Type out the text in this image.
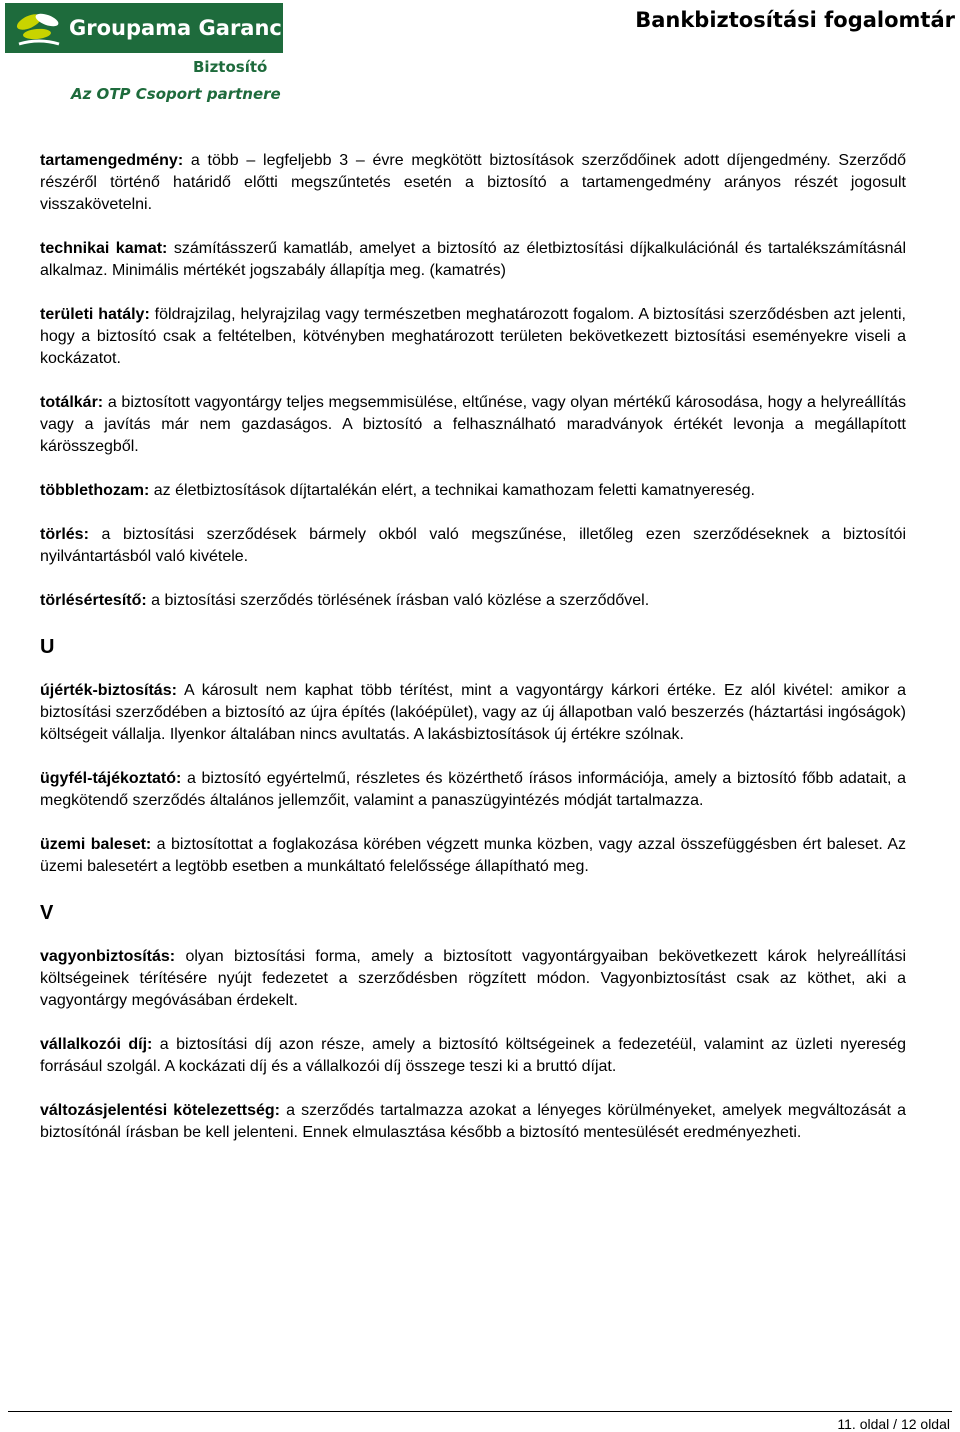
Groupama Garancia
Biztosító
Az OTP Csoport partnere
Bankbiztosítási fogalomtár

tartamengedmény: a több – legfeljebb 3 – évre megkötött biztosítások szerződőinek adott díjengedmény. Szerződő részéről történő határidő előtti megszűntetés esetén a biztosító a tartamengedmény arányos részét jogosult visszakövetelni.

technikai kamat: számításszerű kamatláb, amelyet a biztosító az életbiztosítási díjkalkulációnál és tartalékszámításnál alkalmaz. Minimális mértékét jogszabály állapítja meg. (kamatrés)

területi hatály: földrajzilag, helyrajzilag vagy természetben meghatározott fogalom. A biztosítási szerződésben azt jelenti, hogy a biztosító csak a feltételben, kötvényben meghatározott területen bekövetkezett biztosítási eseményekre viseli a kockázatot.

totálkár: a biztosított vagyontárgy teljes megsemmisülése, eltűnése, vagy olyan mértékű károsodása, hogy a helyreállítás vagy a javítás már nem gazdaságos. A biztosító a felhasználható maradványok értékét levonja a megállapított kárösszegből.

többlethozam: az életbiztosítások díjtartalékán elért, a technikai kamathozam feletti kamatnyereség.

törlés: a biztosítási szerződések bármely okból való megszűnése, illetőleg ezen szerződéseknek a biztosítói nyilvántartásból való kivétele.

törlésértesítő: a biztosítási szerződés törlésének írásban való közlése a szerződővel.

U

újérték-biztosítás: A károsult nem kaphat több térítést, mint a vagyontárgy kárkori értéke. Ez alól kivétel: amikor a biztosítási szerződében a biztosító az újra építés (lakóépület), vagy az új állapotban való beszerzés (háztartási ingóságok) költségeit vállalja. Ilyenkor általában nincs avultatás. A lakásbiztosítások új értékre szólnak.

ügyfél-tájékoztató: a biztosító egyértelmű, részletes és közérthető írásos információja, amely a biztosító főbb adatait, a megkötendő szerződés általános jellemzőit, valamint a panaszügyintézés módját tartalmazza.

üzemi baleset: a biztosítottat a foglakozása körében végzett munka közben, vagy azzal összefüggésben ért baleset. Az üzemi balesetért a legtöbb esetben a munkáltató felelőssége állapítható meg.

V

vagyonbiztosítás: olyan biztosítási forma, amely a biztosított vagyontárgyaiban bekövetkezett károk helyreállítási költségeinek térítésére nyújt fedezetet a szerződésben rögzített módon. Vagyonbiztosítást csak az köthet, aki a vagyontárgy megóvásában érdekelt.

vállalkozói díj: a biztosítási díj azon része, amely a biztosító költségeinek a fedezetéül, valamint az üzleti nyereség forrásául szolgál. A kockázati díj és a vállalkozói díj összege teszi ki a bruttó díjat.

változásjelentési kötelezettség: a szerződés tartalmazza azokat a lényeges körülményeket, amelyek megváltozását a biztosítónál írásban be kell jelenteni. Ennek elmulasztása később a biztosító mentesülését eredményezheti.

11. oldal / 12 oldal
